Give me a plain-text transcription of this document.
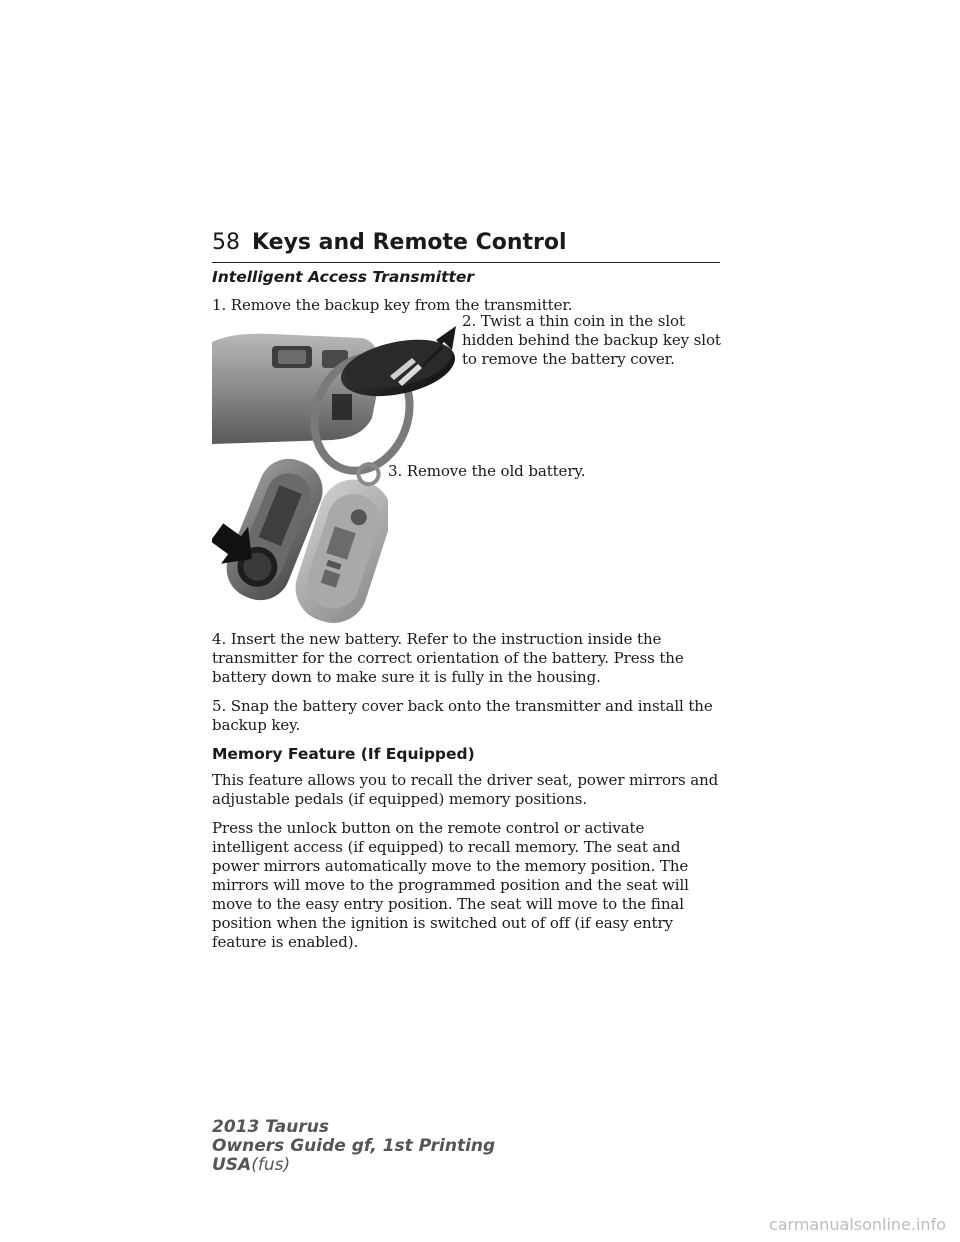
58 Keys and Remote Control
Intelligent Access Transmitter

1. Remove the backup key from the transmitter.

2. Twist a thin coin in the slot hidden behind the backup key slot to remove the battery cover.

3. Remove the old battery.

4. Insert the new battery. Refer to the instruction inside the transmitter for the correct orientation of the battery. Press the battery down to make sure it is fully in the housing.

5. Snap the battery cover back onto the transmitter and install the backup key.

Memory Feature (If Equipped)

This feature allows you to recall the driver seat, power mirrors and adjustable pedals (if equipped) memory positions.

Press the unlock button on the remote control or activate intelligent access (if equipped) to recall memory. The seat and power mirrors automatically move to the memory position. The mirrors will move to the programmed position and the seat will move to the easy entry position. The seat will move to the final position when the ignition is switched out of off (if easy entry feature is enabled).

2013 Taurus
Owners Guide gf, 1st Printing
USA(fus)
carmanualsonline.info
